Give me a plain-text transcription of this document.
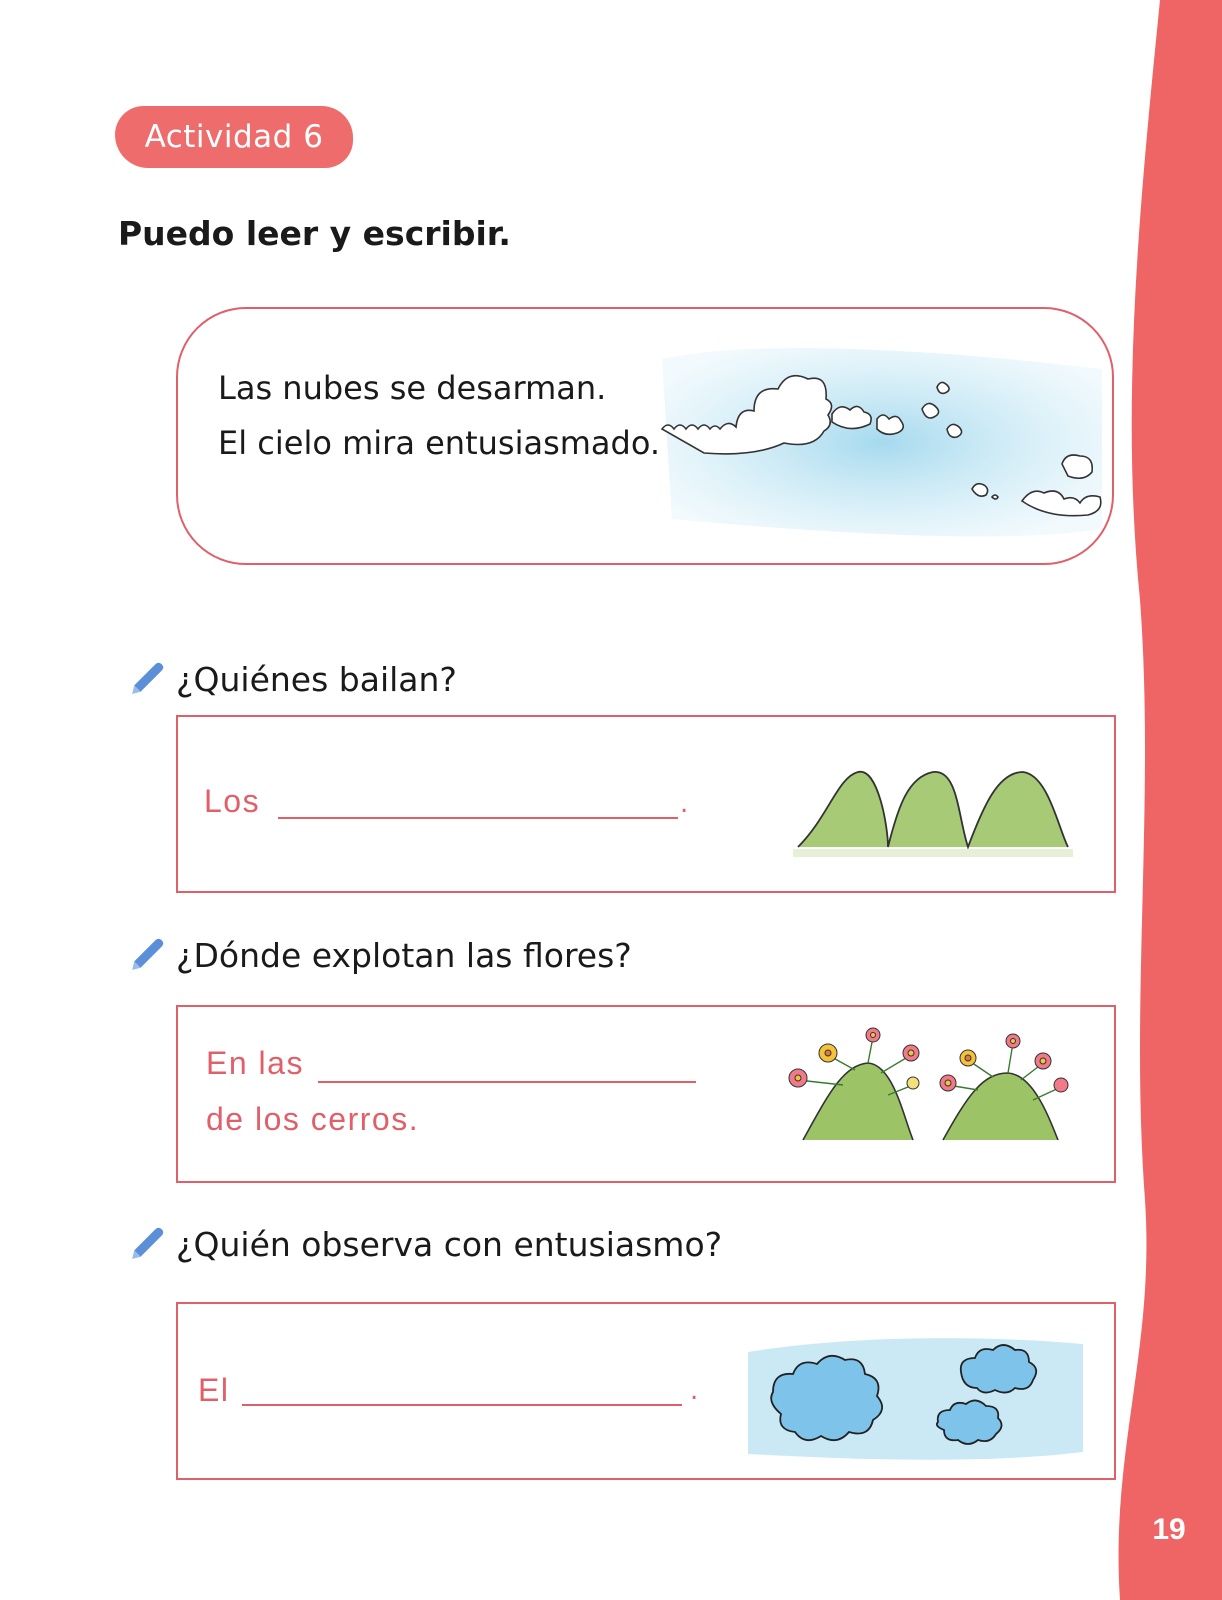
19
Actividad 6
Puedo leer y escribir.
Las nubes se desarman.
El cielo mira entusiasmado.
¿Quiénes bailan?
Los	.
¿Dónde explotan las flores?
En las
de los cerros.
¿Quién observa con entusiasmo?
El	.
